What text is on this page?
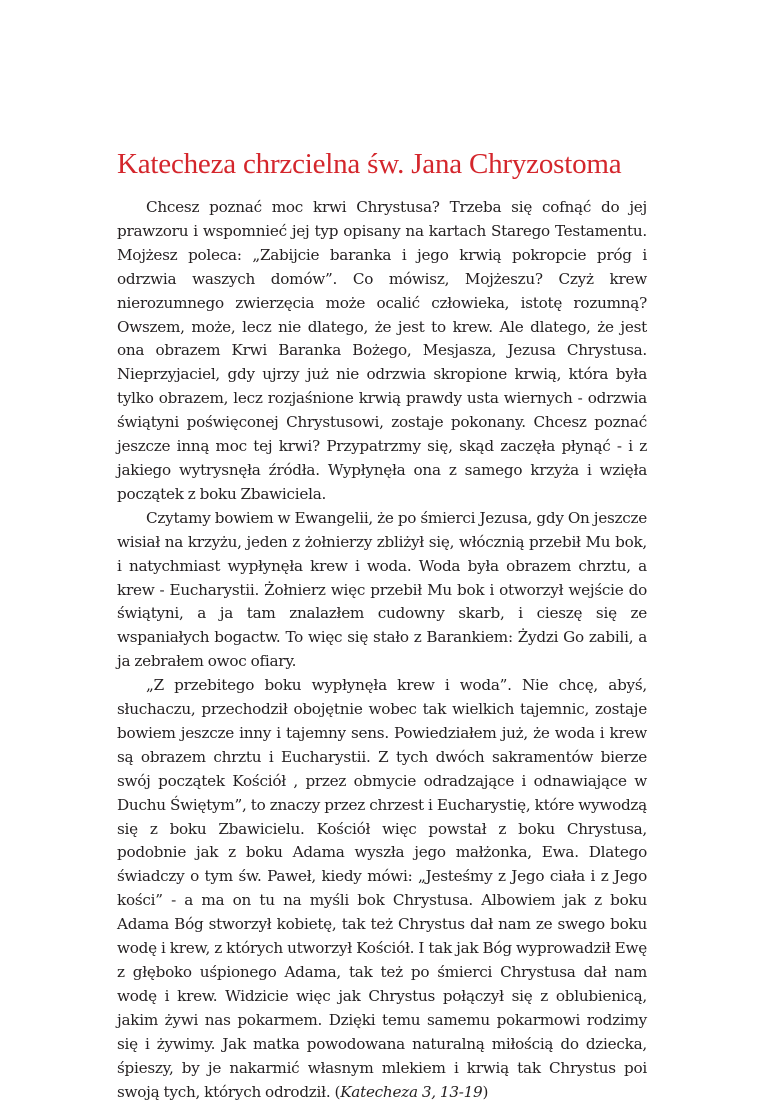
Katecheza chrzcielna św. Jana Chryzostoma

Chcesz poznać moc krwi Chrystusa? Trzeba się cofnąć do jej prawzoru i wspomnieć jej typ opisany na kartach Starego Testamentu. Mojżesz poleca: „Zabijcie baranka i jego krwią pokropcie próg i odrzwia waszych domów”. Co mówisz, Mojżeszu? Czyż krew nierozumnego zwierzęcia może ocalić człowieka, istotę rozumną? Owszem, może, lecz nie dlatego, że jest to krew. Ale dlatego, że jest ona obrazem Krwi Baranka Bożego, Mesjasza, Jezusa Chrystusa. Nieprzyjaciel, gdy ujrzy już nie odrzwia skropione krwią, która była tylko obrazem, lecz rozjaśnione krwią prawdy usta wiernych - odrzwia świątyni poświęconej Chrystusowi, zostaje pokonany. Chcesz poznać jeszcze inną moc tej krwi? Przypatrzmy się, skąd zaczęła płynąć - i z jakiego wytrysnęła źródła. Wypłynęła ona z samego krzyża i wzięła początek z boku Zbawiciela.

Czytamy bowiem w Ewangelii, że po śmierci Jezusa, gdy On jeszcze wisiał na krzyżu, jeden z żołnierzy zbliżył się, włócznią przebił Mu bok, i natychmiast wypłynęła krew i woda. Woda była obrazem chrztu, a krew - Eucharystii. Żołnierz więc przebił Mu bok i otworzył wejście do świątyni, a ja tam znalazłem cudowny skarb, i cieszę się ze wspaniałych bogactw. To więc się stało z Barankiem: Żydzi Go zabili, a ja zebrałem owoc ofiary.

„Z przebitego boku wypłynęła krew i woda”. Nie chcę, abyś, słuchaczu, przechodził obojętnie wobec tak wielkich tajemnic, zostaje bowiem jeszcze inny i tajemny sens. Powiedziałem już, że woda i krew są obrazem chrztu i Eucharystii. Z tych dwóch sakramentów bierze swój początek Kościół , przez obmycie odradzające i odnawiające w Duchu Świętym”, to znaczy przez chrzest i Eucharystię, które wywodzą się z boku Zbawicielu. Kościół więc powstał z boku Chrystusa, podobnie jak z boku Adama wyszła jego małżonka, Ewa. Dlatego świadczy o tym św. Paweł, kiedy mówi: „Jesteśmy z Jego ciała i z Jego kości” - a ma on tu na myśli bok Chrystusa. Albowiem jak z boku Adama Bóg stworzył kobietę, tak też Chrystus dał nam ze swego boku wodę i krew, z których utworzył Kościół. I tak jak Bóg wyprowadził Ewę z głęboko uśpionego Adama, tak też po śmierci Chrystusa dał nam wodę i krew. Widzicie więc jak Chrystus połączył się z oblubienicą, jakim żywi nas pokarmem. Dzięki temu samemu pokarmowi rodzimy się i żywimy. Jak matka powodowana naturalną miłością do dziecka, śpieszy, by je nakarmić własnym mlekiem i krwią tak Chrystus poi swoją tych, których odrodził. (Katecheza 3, 13-19)
